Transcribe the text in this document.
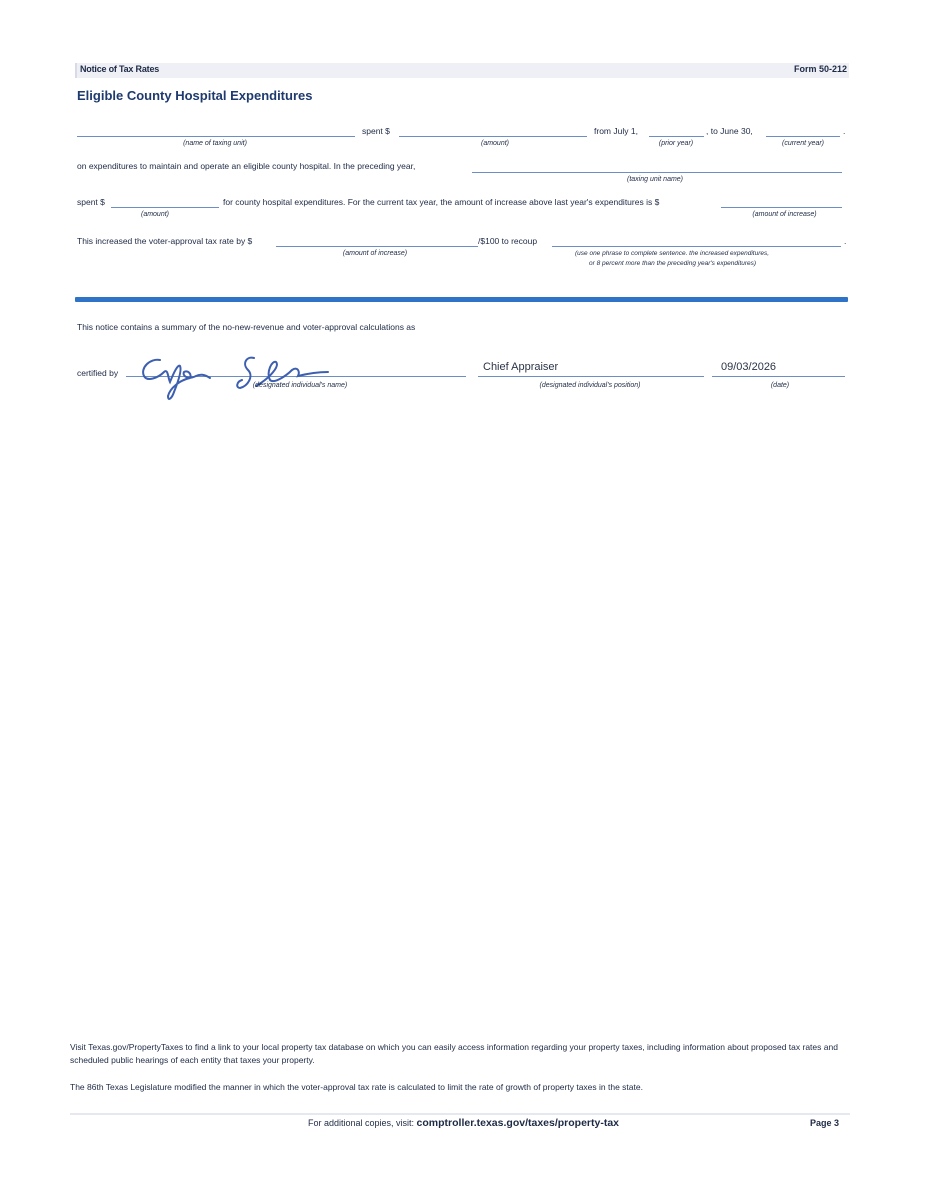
Notice of Tax Rates	Form 50-212
Eligible County Hospital Expenditures
spent $	from July 1,	, to June 30,	.
(name of taxing unit)	(amount)	(prior year)	(current year)
on expenditures to maintain and operate an eligible county hospital. In the preceding year,
(taxing unit name)
spent $	for county hospital expenditures. For the current tax year, the amount of increase above last year's expenditures is $
(amount)	(amount of increase)
This increased the voter-approval tax rate by $	/$100 to recoup	.
(amount of increase)	(use one phrase to complete sentence. the increased expenditures,
or 8 percent more than the preceding year's expenditures)
This notice contains a summary of the no-new-revenue and voter-approval calculations as
certified by
(designated individual's name)
Chief Appraiser
(designated individual's position)
09/03/2026
(date)
Visit Texas.gov/PropertyTaxes to find a link to your local property tax database on which you can easily access information regarding your property taxes, including information about proposed tax rates and scheduled public hearings of each entity that taxes your property.
The 86th Texas Legislature modified the manner in which the voter-approval tax rate is calculated to limit the rate of growth of property taxes in the state.
For additional copies, visit: comptroller.texas.gov/taxes/property-tax	Page 3
